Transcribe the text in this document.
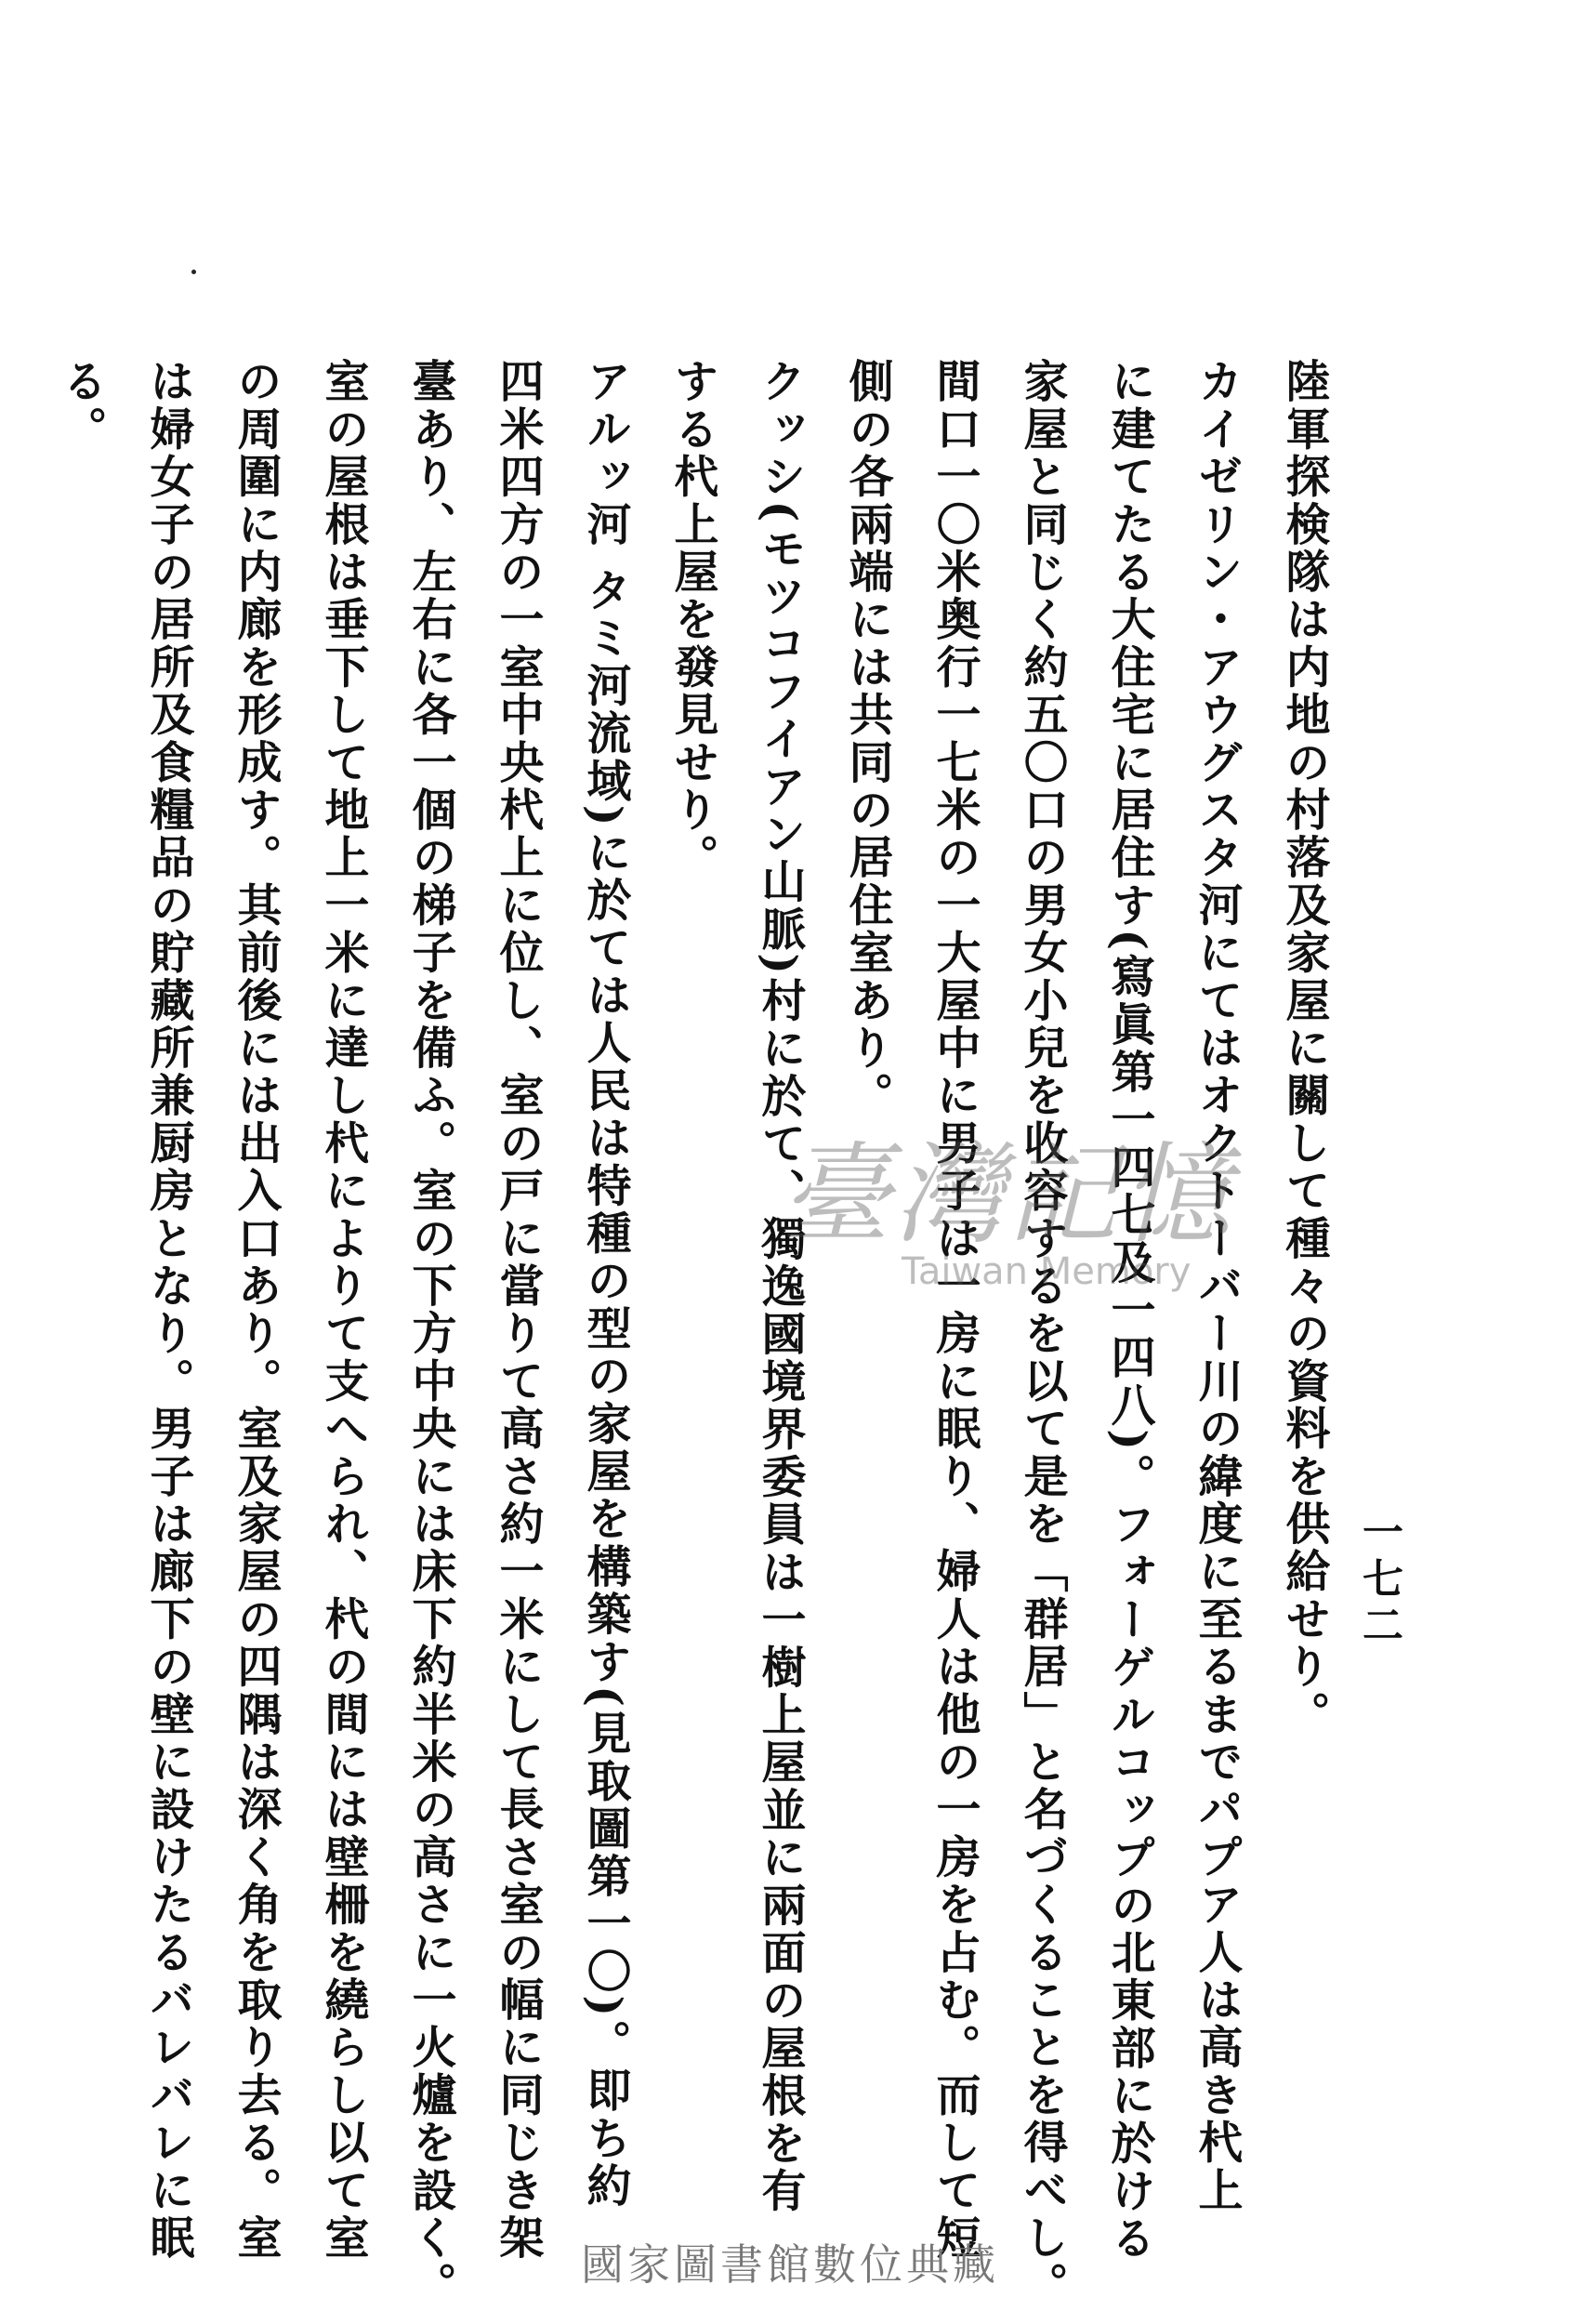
一七二
陸軍探検隊は内地の村落及家屋に關して種々の資料を供給せり。
カイゼリン・アウグスタ河にてはオクトーバー川の緯度に至るまでパプア人は高き杙上
に建てたる大住宅に居住す(寫眞第一四七及一四八)。フォーゲルコップの北東部に於ける
家屋と同じく約五〇口の男女小兒を收容するを以て是を「群居」と名づくることを得べし。
間口一〇米奥行一七米の一大屋中に男子は一房に眠り、婦人は他の一房を占む。而して短
側の各兩端には共同の居住室あり。
クッシ(モツコフイアン山脈)村に於て、獨逸國境界委員は一樹上屋並に兩面の屋根を有
する杙上屋を發見せり。
アルッ河 タミ河流域)に於ては人民は特種の型の家屋を構築す(見取圖第一〇)。即ち約
四米四方の一室中央杙上に位し、室の戸に當りて高さ約一米にして長さ室の幅に同じき架
臺あり、左右に各一個の梯子を備ふ。室の下方中央には床下約半米の高さに一火爐を設く。
室の屋根は垂下して地上一米に達し杙によりて支へられ、杙の間には壁柵を繞らし以て室
の周圍に内廊を形成す。其前後には出入口あり。室及家屋の四隅は深く角を取り去る。室
は婦女子の居所及食糧品の貯藏所兼厨房となり。男子は廊下の壁に設けたるバレバレに眠
る。
臺灣記憶
Taiwan Memory
國家圖書館數位典藏
